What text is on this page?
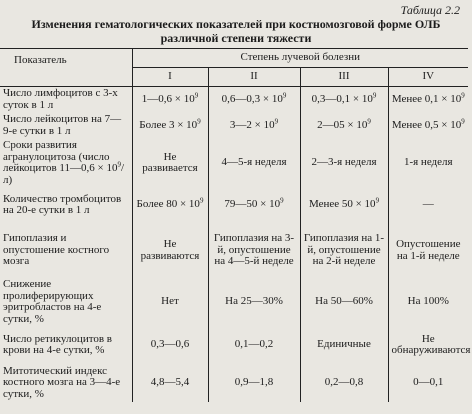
Таблица 2.2
Изменения гематологических показателей при костномозговой форме ОЛБ различной степени тяжести
Показатель	Степень лучевой болезни			
	I	II	III	IV
Число лимфоцитов с 3-х суток в 1 л	1—0,6 × $10^9$	0,6—0,3 × $10^9$	0,3—0,1 × $10^9$	Менее $0,1 \times 10^9$
Число лейкоцитов на 7—9-е сутки в 1 л	Более $3 \times 10^9$	3—2 × $10^9$	2—05 × $10^9$	Менее $0,5 \times 10^9$
Сроки развития агранулоцитоза (число лейкоцитов 11—0,6 × $10^9/л$)	Не развивается	4—5-я неделя	2—3-я неделя	1-я неделя
Количество тромбоцитов на 20-е сутки в 1 л	Более $80 \times 10^9$	79—50 × $10^9$	Менее $50 \times 10^9$	—
Гипоплазия и опустошение костного мозга	Не развиваются	Гипоплазия на 3-й, опустошение на 4—5-й неделе	Гипоплазия на 1-й, опустошение на 2-й неделе	Опустошение на 1-й неделе
Снижение пролиферирующих эритробластов на 4-е сутки, %	Нет	На 25—30%	На 50—60%	На 100%
Число ретикулоцитов в крови на 4-е сутки, %	0,3—0,6	0,1—0,2	Единичные	Не обнаруживаются
Митотический индекс костного мозга на 3—4-е сутки, %	4,8—5,4	0,9—1,8	0,2—0,8	0—0,1
